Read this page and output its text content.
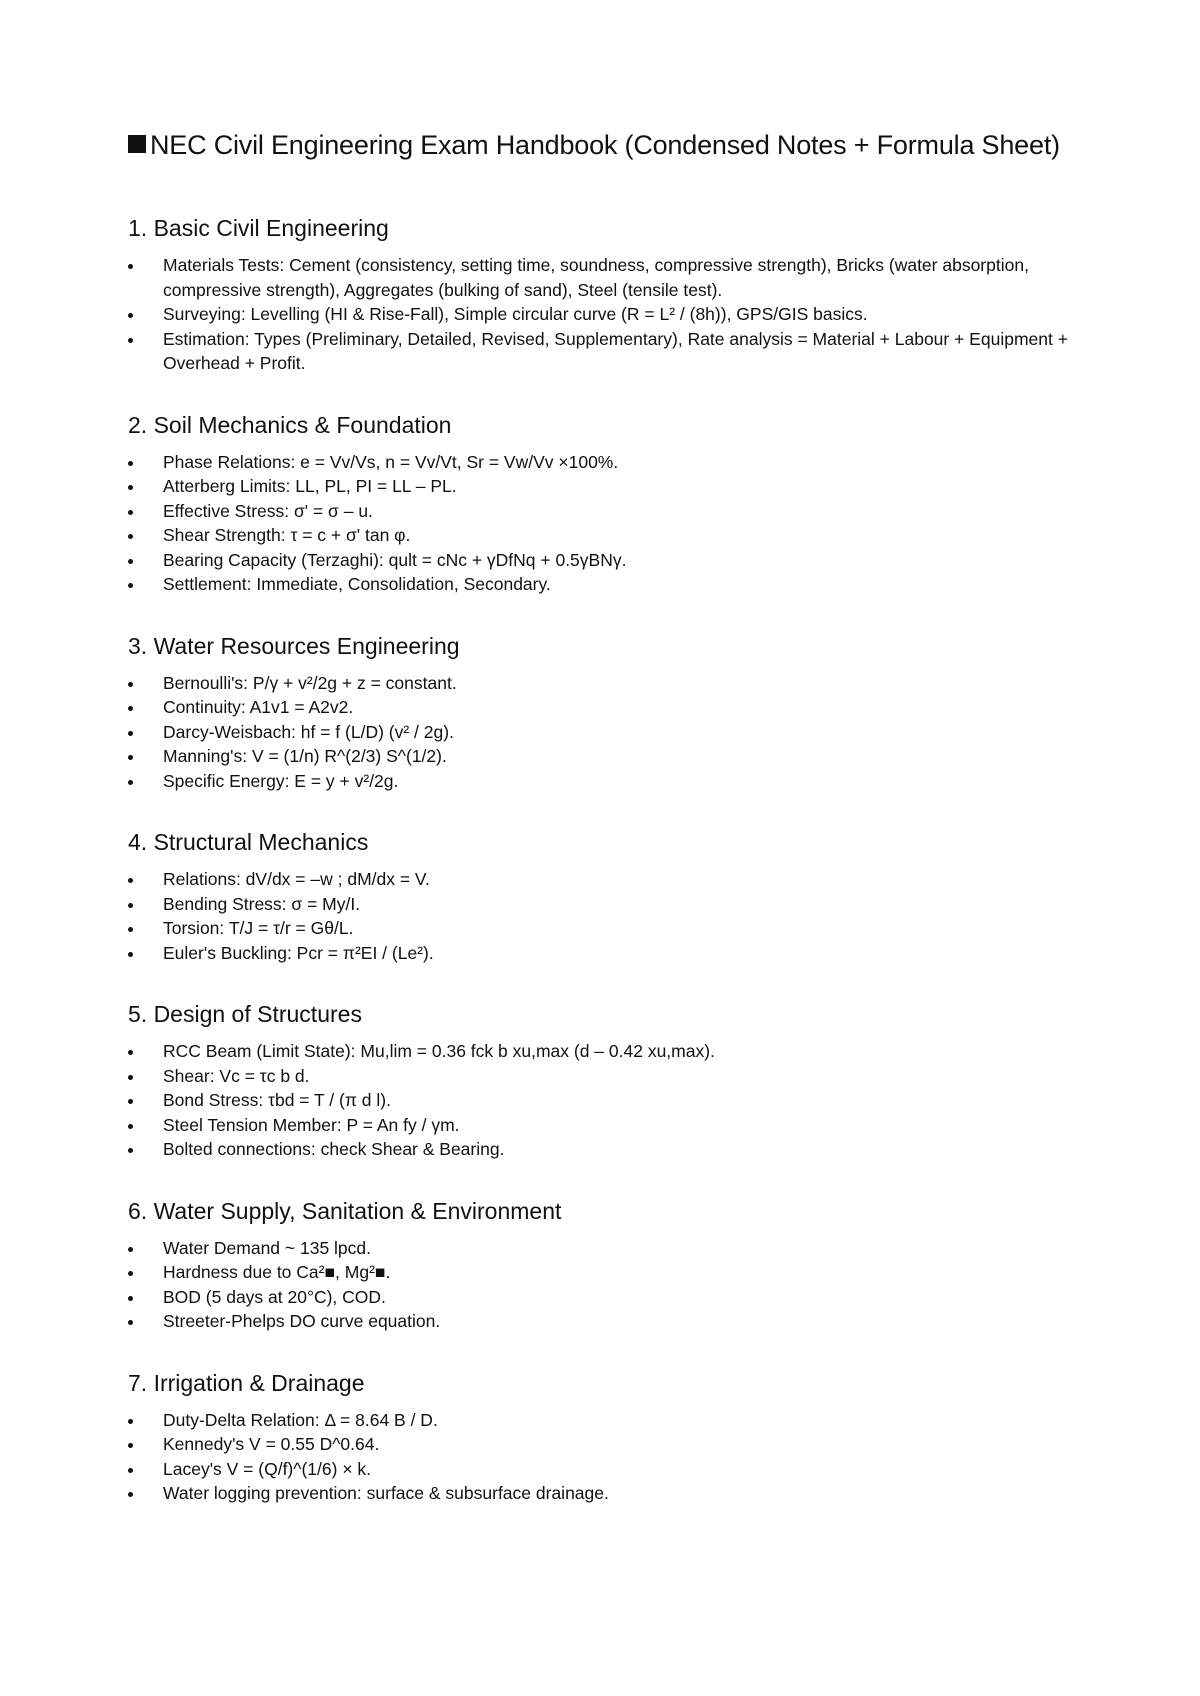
NEC Civil Engineering Exam Handbook (Condensed Notes + Formula Sheet)
1. Basic Civil Engineering
Materials Tests: Cement (consistency, setting time, soundness, compressive strength), Bricks (water absorption, compressive strength), Aggregates (bulking of sand), Steel (tensile test).
Surveying: Levelling (HI & Rise-Fall), Simple circular curve (R = L² / (8h)), GPS/GIS basics.
Estimation: Types (Preliminary, Detailed, Revised, Supplementary), Rate analysis = Material + Labour + Equipment + Overhead + Profit.
2. Soil Mechanics & Foundation
Phase Relations: e = Vv/Vs, n = Vv/Vt, Sr = Vw/Vv ×100%.
Atterberg Limits: LL, PL, PI = LL – PL.
Effective Stress: σ' = σ – u.
Shear Strength: τ = c + σ' tan φ.
Bearing Capacity (Terzaghi): qult = cNc + γDfNq + 0.5γBNγ.
Settlement: Immediate, Consolidation, Secondary.
3. Water Resources Engineering
Bernoulli's: P/γ + v²/2g + z = constant.
Continuity: A1v1 = A2v2.
Darcy-Weisbach: hf = f (L/D) (v² / 2g).
Manning's: V = (1/n) R^(2/3) S^(1/2).
Specific Energy: E = y + v²/2g.
4. Structural Mechanics
Relations: dV/dx = –w ; dM/dx = V.
Bending Stress: σ = My/I.
Torsion: T/J = τ/r = Gθ/L.
Euler's Buckling: Pcr = π²EI / (Le²).
5. Design of Structures
RCC Beam (Limit State): Mu,lim = 0.36 fck b xu,max (d – 0.42 xu,max).
Shear: Vc = τc b d.
Bond Stress: τbd = T / (π d l).
Steel Tension Member: P = An fy / γm.
Bolted connections: check Shear & Bearing.
6. Water Supply, Sanitation & Environment
Water Demand ~ 135 lpcd.
Hardness due to Ca²■, Mg²■.
BOD (5 days at 20°C), COD.
Streeter-Phelps DO curve equation.
7. Irrigation & Drainage
Duty-Delta Relation: Δ = 8.64 B / D.
Kennedy's V = 0.55 D^0.64.
Lacey's V = (Q/f)^(1/6) × k.
Water logging prevention: surface & subsurface drainage.
